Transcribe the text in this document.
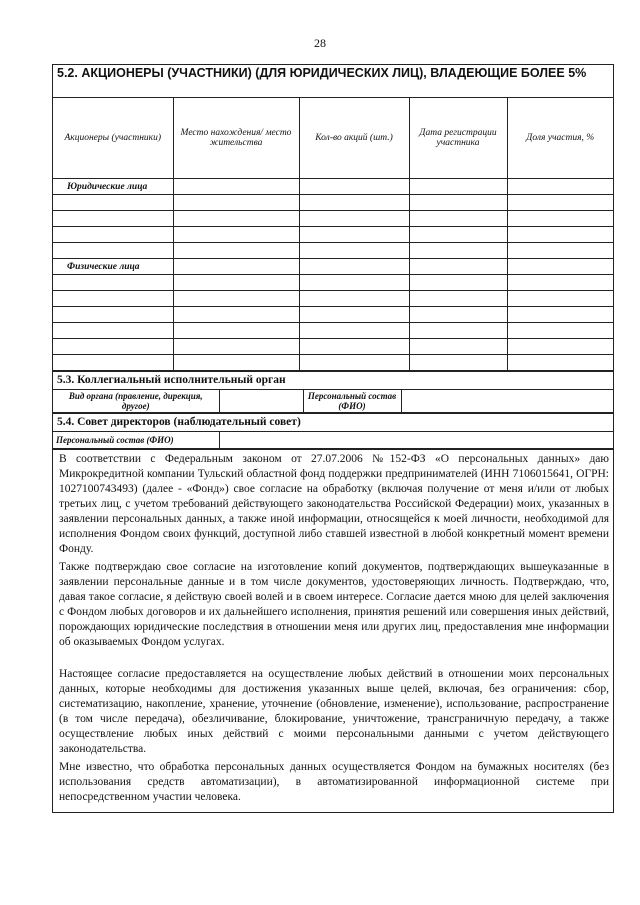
28
5.2. АКЦИОНЕРЫ (УЧАСТНИКИ) (ДЛЯ ЮРИДИЧЕСКИХ ЛИЦ), ВЛАДЕЮЩИЕ БОЛЕЕ 5%
Акционеры (участники)	Место нахождения/ место жительства	Кол-во акций (шт.)	Дата регистрации участника	Доля участия, %
Юридические лица				

Физические лица				

5.3. Коллегиальный исполнительный орган
Вид органа (правление, дирекция, другое)		Персональный состав (ФИО)	
5.4. Совет директоров (наблюдательный совет)
Персональный состав (ФИО)	

В соответствии с Федеральным законом от 27.07.2006 №152-ФЗ «О персональных данных» даю Микрокредитной компании Тульский областной фонд поддержки предпринимателей (ИНН 7106015641, ОГРН: 1027100743493) (далее - «Фонд») свое согласие на обработку (включая получение от меня и/или от любых третьих лиц, с учетом требований действующего законодательства Российской Федерации) моих, указанных в заявлении персональных данных, а также иной информации, относящейся к моей личности, необходимой для исполнения Фондом своих функций, доступной либо ставшей известной в любой конкретный момент времени Фонду.

Также подтверждаю свое согласие на изготовление копий документов, подтверждающих вышеуказанные в заявлении персональные данные и в том числе документов, удостоверяющих личность. Подтверждаю, что, давая такое согласие, я действую своей волей и в своем интересе. Согласие дается мною для целей заключения с Фондом любых договоров и их дальнейшего исполнения, принятия решений или совершения иных действий, порождающих юридические последствия в отношении меня или других лиц, предоставления мне информации об оказываемых Фондом услугах.

Настоящее согласие предоставляется на осуществление любых действий в отношении моих персональных данных, которые необходимы для достижения указанных выше целей, включая, без ограничения: сбор, систематизацию, накопление, хранение, уточнение (обновление, изменение), использование, распространение (в том числе передача), обезличивание, блокирование, уничтожение, трансграничную передачу, а также осуществление любых иных действий с моими персональными данными с учетом действующего законодательства.

Мне известно, что обработка персональных данных осуществляется Фондом на бумажных носителях (без использования средств автоматизации), в автоматизированной информационной системе при непосредственном участии человека.
